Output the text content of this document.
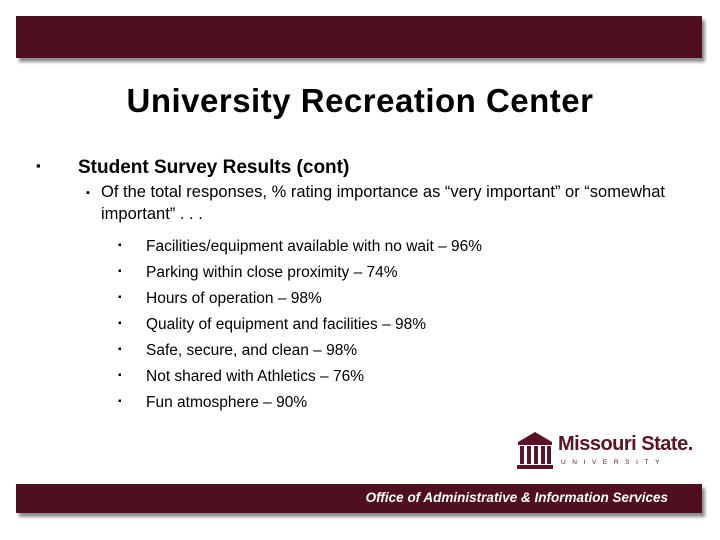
University Recreation Center
▪ Student Survey Results (cont)
▪ Of the total responses, % rating importance as “very important” or “somewhat important” . . .
▪ Facilities/equipment available with no wait – 96%
▪ Parking within close proximity – 74%
▪ Hours of operation – 98%
▪ Quality of equipment and facilities – 98%
▪ Safe, secure, and clean – 98%
▪ Not shared with Athletics – 76%
▪ Fun atmosphere – 90%
Missouri State.
UNIVERSITY
Office of Administrative & Information Services
